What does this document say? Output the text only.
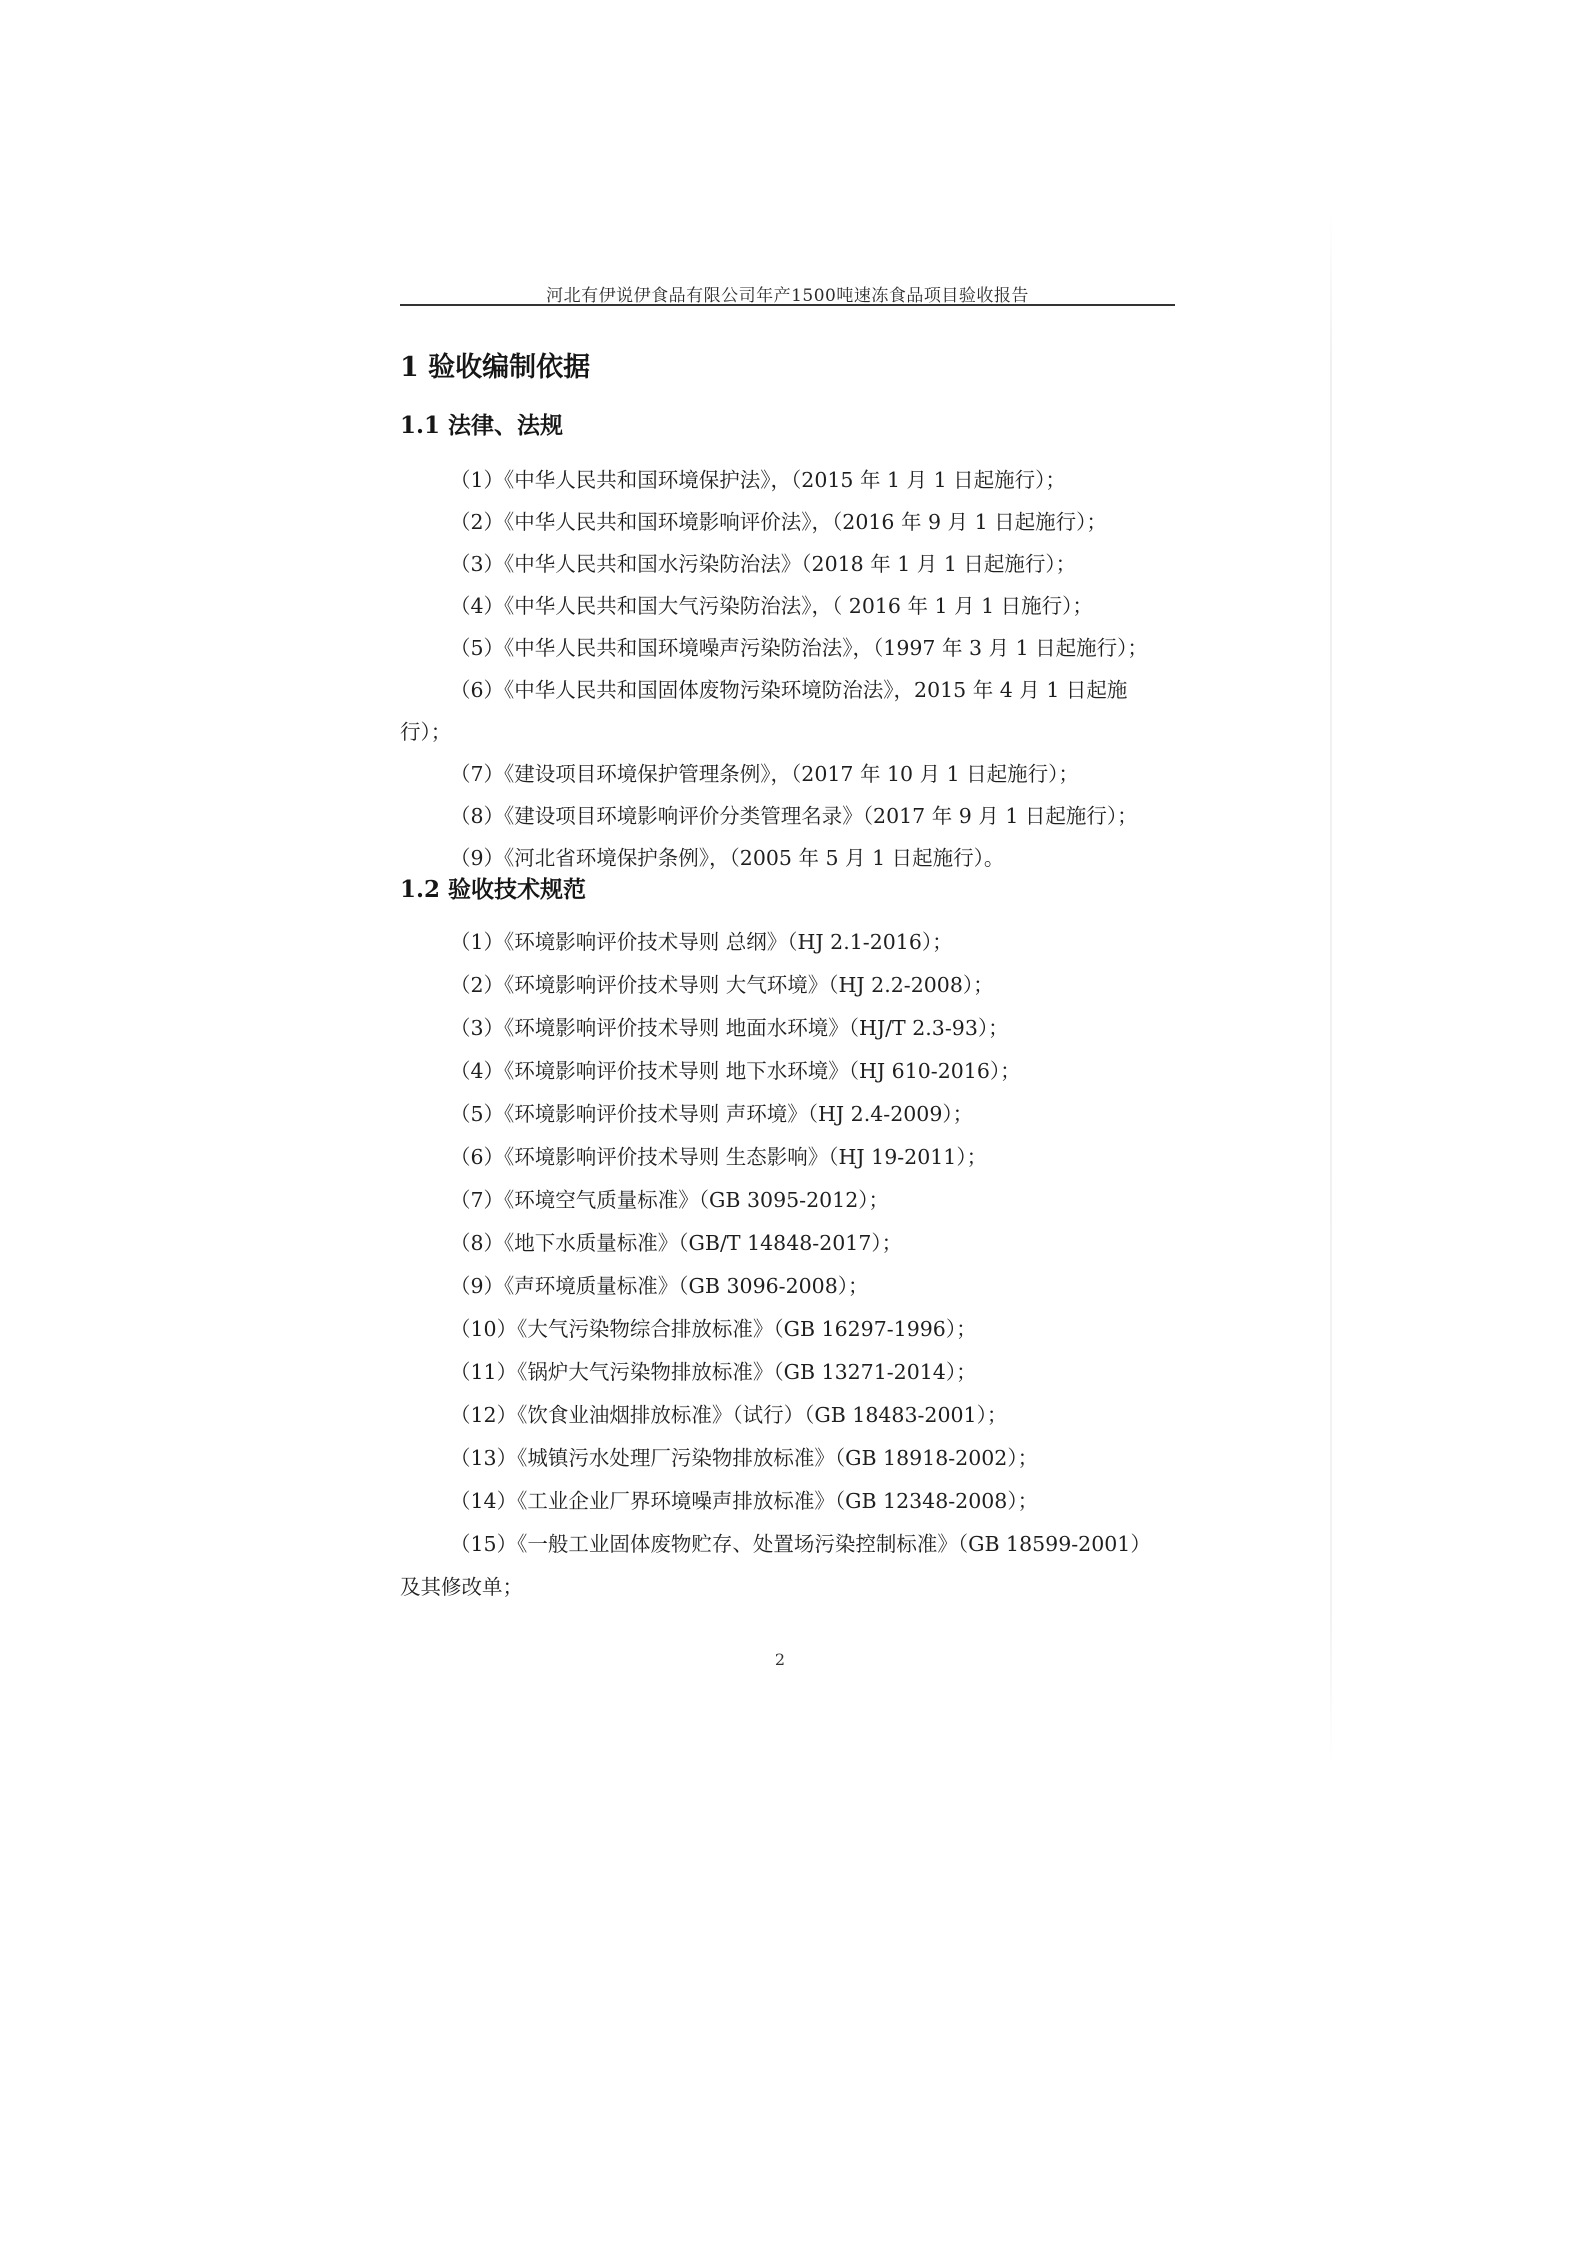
河北有伊说伊食品有限公司年产1500吨速冻食品项目验收报告
1 验收编制依据
1.1 法律、法规
（1）《中华人民共和国环境保护法》，（2015 年 1 月 1 日起施行）；
（2）《中华人民共和国环境影响评价法》，（2016 年 9 月 1 日起施行）；
（3）《中华人民共和国水污染防治法》（2018 年 1 月 1 日起施行）；
（4）《中华人民共和国大气污染防治法》，（ 2016 年 1 月 1 日施行）；
（5）《中华人民共和国环境噪声污染防治法》，（1997 年 3 月 1 日起施行）；
（6）《中华人民共和国固体废物污染环境防治法》，2015 年 4 月 1 日起施
行）；
（7）《建设项目环境保护管理条例》，（2017 年 10 月 1 日起施行）；
（8）《建设项目环境影响评价分类管理名录》（2017 年 9 月 1 日起施行）；
（9）《河北省环境保护条例》，（2005 年 5 月 1 日起施行）。
1.2 验收技术规范
（1）《环境影响评价技术导则 总纲》（HJ 2.1-2016）；
（2）《环境影响评价技术导则 大气环境》（HJ 2.2-2008）；
（3）《环境影响评价技术导则 地面水环境》（HJ/T 2.3-93）；
（4）《环境影响评价技术导则 地下水环境》（HJ 610-2016）；
（5）《环境影响评价技术导则 声环境》（HJ 2.4-2009）；
（6）《环境影响评价技术导则 生态影响》（HJ 19-2011）；
（7）《环境空气质量标准》（GB 3095-2012）；
（8）《地下水质量标准》（GB/T 14848-2017）；
（9）《声环境质量标准》（GB 3096-2008）；
（10）《大气污染物综合排放标准》（GB 16297-1996）；
（11）《锅炉大气污染物排放标准》（GB 13271-2014）；
（12）《饮食业油烟排放标准》（试行）（GB 18483-2001）；
（13）《城镇污水处理厂污染物排放标准》（GB 18918-2002）；
（14）《工业企业厂界环境噪声排放标准》（GB 12348-2008）；
（15）《一般工业固体废物贮存、处置场污染控制标准》（GB 18599-2001）
及其修改单；
2
